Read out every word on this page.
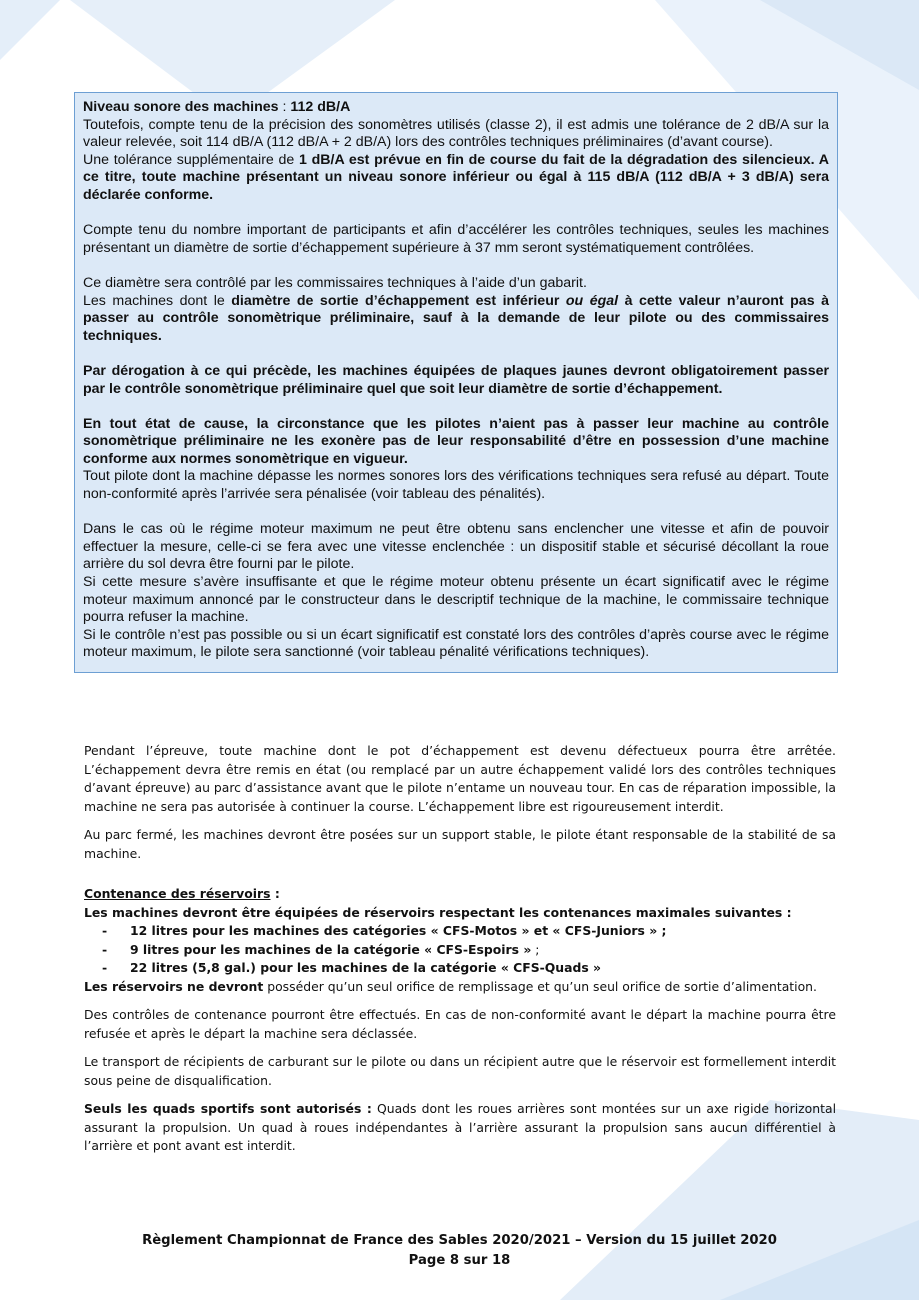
Niveau sonore des machines : 112 dB/A
Toutefois, compte tenu de la précision des sonomètres utilisés (classe 2), il est admis une tolérance de 2 dB/A sur la valeur relevée, soit 114 dB/A (112 dB/A + 2 dB/A) lors des contrôles techniques préliminaires (d’avant course).
Une tolérance supplémentaire de 1 dB/A est prévue en fin de course du fait de la dégradation des silencieux. A ce titre, toute machine présentant un niveau sonore inférieur ou égal à 115 dB/A (112 dB/A + 3 dB/A) sera déclarée conforme.

Compte tenu du nombre important de participants et afin d’accélérer les contrôles techniques, seules les machines présentant un diamètre de sortie d’échappement supérieure à 37 mm seront systématiquement contrôlées.

Ce diamètre sera contrôlé par les commissaires techniques à l’aide d’un gabarit.
Les machines dont le diamètre de sortie d’échappement est inférieur ou égal à cette valeur n’auront pas à passer au contrôle sonomètrique préliminaire, sauf à la demande de leur pilote ou des commissaires techniques.

Par dérogation à ce qui précède, les machines équipées de plaques jaunes devront obligatoirement passer par le contrôle sonomètrique préliminaire quel que soit leur diamètre de sortie d’échappement.

En tout état de cause, la circonstance que les pilotes n’aient pas à passer leur machine au contrôle sonomètrique préliminaire ne les exonère pas de leur responsabilité d’être en possession d’une machine conforme aux normes sonomètrique en vigueur.
Tout pilote dont la machine dépasse les normes sonores lors des vérifications techniques sera refusé au départ. Toute non-conformité après l’arrivée sera pénalisée (voir tableau des pénalités).

Dans le cas où le régime moteur maximum ne peut être obtenu sans enclencher une vitesse et afin de pouvoir effectuer la mesure, celle-ci se fera avec une vitesse enclenchée : un dispositif stable et sécurisé décollant la roue arrière du sol devra être fourni par le pilote.
Si cette mesure s’avère insuffisante et que le régime moteur obtenu présente un écart significatif avec le régime moteur maximum annoncé par le constructeur dans le descriptif technique de la machine, le commissaire technique pourra refuser la machine.
Si le contrôle n’est pas possible ou si un écart significatif est constaté lors des contrôles d’après course avec le régime moteur maximum, le pilote sera sanctionné (voir tableau pénalité vérifications techniques).

Pendant l’épreuve, toute machine dont le pot d’échappement est devenu défectueux pourra être arrêtée. L’échappement devra être remis en état (ou remplacé par un autre échappement validé lors des contrôles techniques d’avant épreuve) au parc d’assistance avant que le pilote n’entame un nouveau tour. En cas de réparation impossible, la machine ne sera pas autorisée à continuer la course. L’échappement libre est rigoureusement interdit.

Au parc fermé, les machines devront être posées sur un support stable, le pilote étant responsable de la stabilité de sa machine.

Contenance des réservoirs :
Les machines devront être équipées de réservoirs respectant les contenances maximales suivantes :

- 12 litres pour les machines des catégories « CFS-Motos » et « CFS-Juniors » ;
- 9 litres pour les machines de la catégorie « CFS-Espoirs » ;
- 22 litres (5,8 gal.) pour les machines de la catégorie « CFS-Quads »

Les réservoirs ne devront posséder qu’un seul orifice de remplissage et qu’un seul orifice de sortie d’alimentation.

Des contrôles de contenance pourront être effectués. En cas de non-conformité avant le départ la machine pourra être refusée et après le départ la machine sera déclassée.

Le transport de récipients de carburant sur le pilote ou dans un récipient autre que le réservoir est formellement interdit sous peine de disqualification.

Seuls les quads sportifs sont autorisés : Quads dont les roues arrières sont montées sur un axe rigide horizontal assurant la propulsion. Un quad à roues indépendantes à l’arrière assurant la propulsion sans aucun différentiel à l’arrière et pont avant est interdit.

Règlement Championnat de France des Sables 2020/2021 – Version du 15 juillet 2020
Page 8 sur 18
